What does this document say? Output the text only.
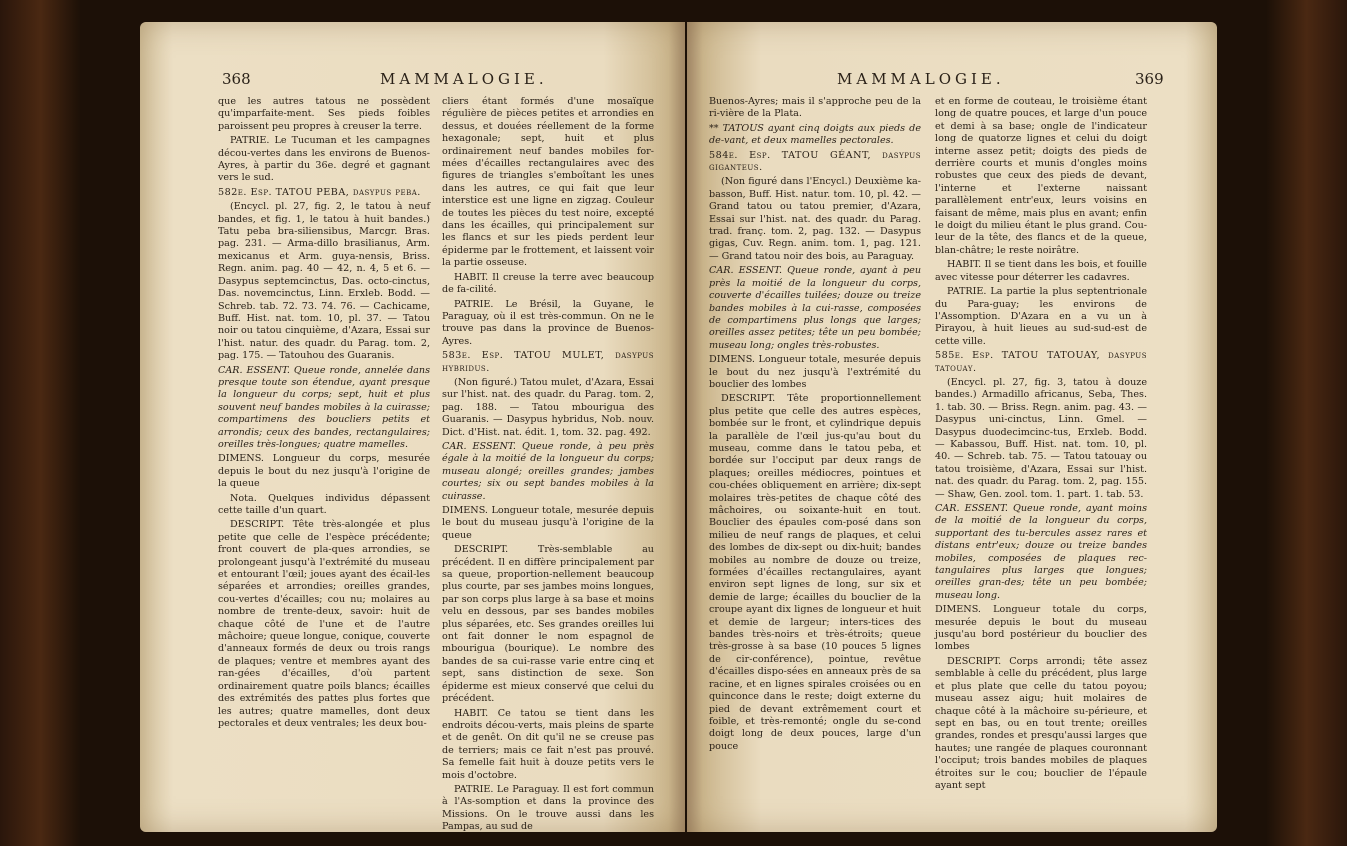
368	MAMMALOGIE.

que les autres tatous ne possèdent qu'imparfaite-ment. Ses pieds foibles paroissent peu propres à creuser la terre.

PATRIE. Le Tucuman et les campagnes décou-vertes dans les environs de Buenos-Ayres, à partir du 36e. degré et gagnant vers le sud.

582e. Esp. TATOU PEBA, dasypus peba.

(Encycl. pl. 27, fig. 2, le tatou à neuf bandes, et fig. 1, le tatou à huit bandes.) Tatu peba bra-siliensibus, Marcgr. Bras. pag. 231. — Arma-dillo brasilianus, Arm. mexicanus et Arm. guya-nensis, Briss. Regn. anim. pag. 40 — 42, n. 4, 5 et 6. — Dasypus septemcinctus, Das. octo-cinctus, Das. novemcinctus, Linn. Erxleb. Bodd. — Schreb. tab. 72. 73. 74. 76. — Cachicame, Buff. Hist. nat. tom. 10, pl. 37. — Tatou noir ou tatou cinquième, d'Azara, Essai sur l'hist. natur. des quadr. du Parag. tom. 2, pag. 175. — Tatouhou des Guaranis.

CAR. ESSENT. Queue ronde, annelée dans presque toute son étendue, ayant presque la longueur du corps; sept, huit et plus souvent neuf bandes mobiles à la cuirasse; compartimens des boucliers petits et arrondis; ceux des bandes, rectangulaires; oreilles très-longues; quatre mamelles.

DIMENS. Longueur du corps, mesurée depuis le bout du nez jusqu'à l'origine de la queue

Nota. Quelques individus dépassent cette taille d'un quart.

DESCRIPT. Tête très-alongée et plus petite que celle de l'espèce précédente; front couvert de pla-ques arrondies, se prolongeant jusqu'à l'extrémité du museau et entourant l'œil; joues ayant des écail-les séparées et arrondies; oreilles grandes, cou-vertes d'écailles; cou nu; molaires au nombre de trente-deux, savoir: huit de chaque côté de l'une et de l'autre mâchoire; queue longue, conique, couverte d'anneaux formés de deux ou trois rangs de plaques; ventre et membres ayant des ran-gées d'écailles, d'où partent ordinairement quatre poils blancs; écailles des extrémités des pattes plus fortes que les autres; quatre mamelles, dont deux pectorales et deux ventrales; les deux bou-

cliers étant formés d'une mosaïque régulière de pièces petites et arrondies en dessus, et douées réellement de la forme hexagonale; sept, huit et plus ordinairement neuf bandes mobiles for-mées d'écailles rectangulaires avec des figures de triangles s'emboîtant les unes dans les autres, ce qui fait que leur interstice est une ligne en zigzag. Couleur de toutes les pièces du test noire, excepté dans les écailles, qui principalement sur les flancs et sur les pieds perdent leur épiderme par le frottement, et laissent voir la partie osseuse.

HABIT. Il creuse la terre avec beaucoup de fa-cilité.

PATRIE. Le Brésil, la Guyane, le Paraguay, où il est très-commun. On ne le trouve pas dans la province de Buenos-Ayres.

583e. Esp. TATOU MULET, dasypus hybridus.

(Non figuré.) Tatou mulet, d'Azara, Essai sur l'hist. nat. des quadr. du Parag. tom. 2, pag. 188. — Tatou mbourigua des Guaranis. — Dasypus hybridus, Nob. nouv. Dict. d'Hist. nat. édit. 1, tom. 32. pag. 492.

CAR. ESSENT. Queue ronde, à peu près égale à la moitié de la longueur du corps; museau alongé; oreilles grandes; jambes courtes; six ou sept bandes mobiles à la cuirasse.

DIMENS. Longueur totale, mesurée depuis le bout du museau jusqu'à l'origine de la queue

DESCRIPT. Très-semblable au précédent. Il en diffère principalement par sa queue, proportion-nellement beaucoup plus courte, par ses jambes moins longues, par son corps plus large à sa base et moins velu en dessous, par ses bandes mobiles plus séparées, etc. Ses grandes oreilles lui ont fait donner le nom espagnol de mbourigua (bourique). Le nombre des bandes de sa cui-rasse varie entre cinq et sept, sans distinction de sexe. Son épiderme est mieux conservé que celui du précédent.

HABIT. Ce tatou se tient dans les endroits décou-verts, mais pleins de sparte et de genêt. On dit qu'il ne se creuse pas de terriers; mais ce fait n'est pas prouvé. Sa femelle fait huit à douze petits vers le mois d'octobre.

PATRIE. Le Paraguay. Il est fort commun à l'As-somption et dans la province des Missions. On le trouve aussi dans les Pampas, au sud de

MAMMALOGIE.	369

Buenos-Ayres; mais il s'approche peu de la ri-vière de la Plata.

** TATOUS ayant cinq doigts aux pieds de de-vant, et deux mamelles pectorales.

584e. Esp. TATOU GÉANT, dasypus giganteus.

(Non figuré dans l'Encycl.) Deuxième ka-basson, Buff. Hist. natur. tom. 10, pl. 42. — Grand tatou ou tatou premier, d'Azara, Essai sur l'hist. nat. des quadr. du Parag. trad. franç. tom. 2, pag. 132. — Dasypus gigas, Cuv. Regn. anim. tom. 1, pag. 121. — Grand tatou noir des bois, au Paraguay.

CAR. ESSENT. Queue ronde, ayant à peu près la moitié de la longueur du corps, couverte d'écailles tuilées; douze ou treize bandes mobiles à la cui-rasse, composées de compartimens plus longs que larges; oreilles assez petites; tête un peu bombée; museau long; ongles très-robustes.

DIMENS. Longueur totale, mesurée depuis le bout du nez jusqu'à l'extrémité du bouclier des lombes

DESCRIPT. Tête proportionnellement plus petite que celle des autres espèces, bombée sur le front, et cylindrique depuis la parallèle de l'œil jus-qu'au bout du museau, comme dans le tatou peba, et bordée sur l'occiput par deux rangs de plaques; oreilles médiocres, pointues et cou-chées obliquement en arrière; dix-sept molaires très-petites de chaque côté des mâchoires, ou soixante-huit en tout. Bouclier des épaules com-posé dans son milieu de neuf rangs de plaques, et celui des lombes de dix-sept ou dix-huit; bandes mobiles au nombre de douze ou treize, formées d'écailles rectangulaires, ayant environ sept lignes de long, sur six et demie de large; écailles du bouclier de la croupe ayant dix lignes de longueur et huit et demie de largeur; inters-tices des bandes très-noirs et très-étroits; queue très-grosse à sa base (10 pouces 5 lignes de cir-conférence), pointue, revêtue d'écailles dispo-sées en anneaux près de sa racine, et en lignes spirales croisées ou en quinconce dans le reste; doigt externe du pied de devant extrêmement court et foible, et très-remonté; ongle du se-cond doigt long de deux pouces, large d'un pouce

et en forme de couteau, le troisième étant long de quatre pouces, et large d'un pouce et demi à sa base; ongle de l'indicateur long de quatorze lignes et celui du doigt interne assez petit; doigts des pieds de derrière courts et munis d'ongles moins robustes que ceux des pieds de devant, l'interne et l'externe naissant parallèlement entr'eux, leurs voisins en faisant de même, mais plus en avant; enfin le doigt du milieu étant le plus grand. Cou-leur de la tête, des flancs et de la queue, blan-châtre; le reste noirâtre.

HABIT. Il se tient dans les bois, et fouille avec vitesse pour déterrer les cadavres.

PATRIE. La partie la plus septentrionale du Para-guay; les environs de l'Assomption. D'Azara en a vu un à Pirayou, à huit lieues au sud-sud-est de cette ville.

585e. Esp. TATOU TATOUAY, dasypus tatouay.

(Encycl. pl. 27, fig. 3, tatou à douze bandes.) Armadillo africanus, Seba, Thes. 1. tab. 30. — Briss. Regn. anim. pag. 43. — Dasypus uni-cinctus, Linn. Gmel. — Dasypus duodecimcinc-tus, Erxleb. Bodd. — Kabassou, Buff. Hist. nat. tom. 10, pl. 40. — Schreb. tab. 75. — Tatou tatouay ou tatou troisième, d'Azara, Essai sur l'hist. nat. des quadr. du Parag. tom. 2, pag. 155. — Shaw, Gen. zool. tom. 1. part. 1. tab. 53.

CAR. ESSENT. Queue ronde, ayant moins de la moitié de la longueur du corps, supportant des tu-bercules assez rares et distans entr'eux; douze ou treize bandes mobiles, composées de plaques rec-tangulaires plus larges que longues; oreilles gran-des; tête un peu bombée; museau long.

DIMENS. Longueur totale du corps, mesurée depuis le bout du museau jusqu'au bord postérieur du bouclier des lombes

DESCRIPT. Corps arrondi; tête assez semblable à celle du précédent, plus large et plus plate que celle du tatou poyou; museau assez aigu; huit molaires de chaque côté à la mâchoire su-périeure, et sept en bas, ou en tout trente; oreilles grandes, rondes et presqu'aussi larges que hautes; une rangée de plaques couronnant l'occiput; trois bandes mobiles de plaques étroites sur le cou; bouclier de l'épaule ayant sept
